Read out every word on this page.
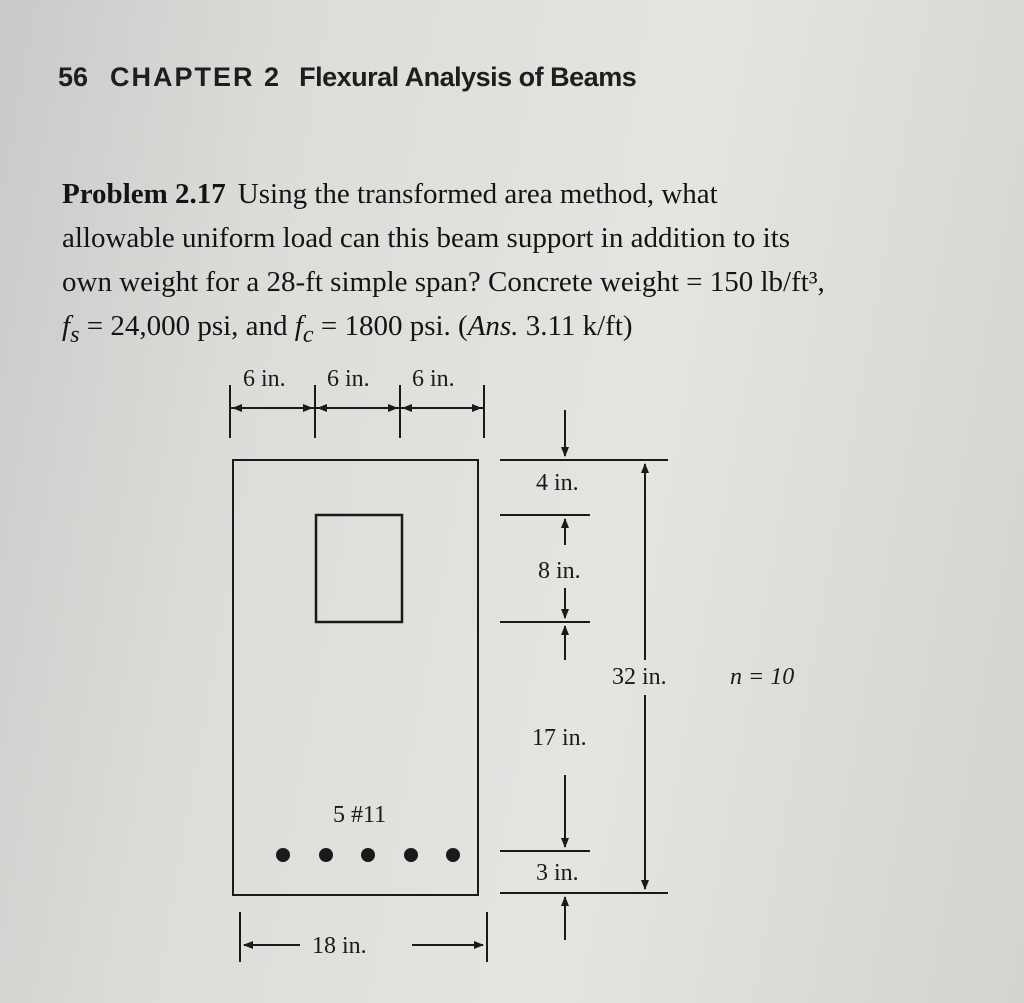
56 CHAPTER 2 Flexural Analysis of Beams
Problem 2.17 Using the transformed area method, what
allowable uniform load can this beam support in addition to its
own weight for a 28-ft simple span? Concrete weight = 150 lb/ft³,
$f_s = 24,000$ psi, and $f_c = 1800$ psi. (Ans. 3.11 k/ft)
6 in. 6 in. 6 in.
5 #11
4 in.
8 in.
17 in.
3 in.
32 in.	n = 10
18 in.
